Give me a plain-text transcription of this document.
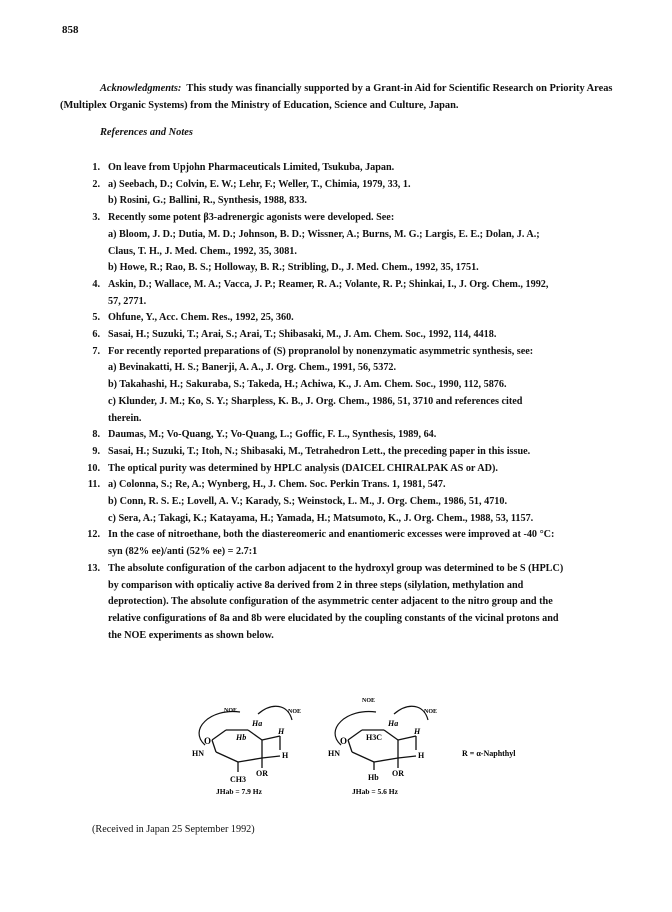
858
Acknowledgments: This study was financially supported by a Grant-in Aid for Scientific Research on Priority Areas (Multiplex Organic Systems) from the Ministry of Education, Science and Culture, Japan.
References and Notes
1. On leave from Upjohn Pharmaceuticals Limited, Tsukuba, Japan.
2. a) Seebach, D.; Colvin, E. W.; Lehr, F.; Weller, T., Chimia, 1979, 33, 1.
b) Rosini, G.; Ballini, R., Synthesis, 1988, 833.
3. Recently some potent β3-adrenergic agonists were developed. See:
a) Bloom, J. D.; Dutia, M. D.; Johnson, B. D.; Wissner, A.; Burns, M. G.; Largis, E. E.; Dolan, J. A.;
Claus, T. H., J. Med. Chem., 1992, 35, 3081.
b) Howe, R.; Rao, B. S.; Holloway, B. R.; Stribling, D., J. Med. Chem., 1992, 35, 1751.
4. Askin, D.; Wallace, M. A.; Vacca, J. P.; Reamer, R. A.; Volante, R. P.; Shinkai, I., J. Org. Chem., 1992,
57, 2771.
5. Ohfune, Y., Acc. Chem. Res., 1992, 25, 360.
6. Sasai, H.; Suzuki, T.; Arai, S.; Arai, T.; Shibasaki, M., J. Am. Chem. Soc., 1992, 114, 4418.
7. For recently reported preparations of (S) propranolol by nonenzymatic asymmetric synthesis, see:
a) Bevinakatti, H. S.; Banerji, A. A., J. Org. Chem., 1991, 56, 5372.
b) Takahashi, H.; Sakuraba, S.; Takeda, H.; Achiwa, K., J. Am. Chem. Soc., 1990, 112, 5876.
c) Klunder, J. M.; Ko, S. Y.; Sharpless, K. B., J. Org. Chem., 1986, 51, 3710 and references cited
therein.
8. Daumas, M.; Vo-Quang, Y.; Vo-Quang, L.; Goffic, F. L., Synthesis, 1989, 64.
9. Sasai, H.; Suzuki, T.; Itoh, N.; Shibasaki, M., Tetrahedron Lett., the preceding paper in this issue.
10. The optical purity was determined by HPLC analysis (DAICEL CHIRALPAK AS or AD).
11. a) Colonna, S.; Re, A.; Wynberg, H., J. Chem. Soc. Perkin Trans. 1, 1981, 547.
b) Conn, R. S. E.; Lovell, A. V.; Karady, S.; Weinstock, L. M., J. Org. Chem., 1986, 51, 4710.
c) Sera, A.; Takagi, K.; Katayama, H.; Yamada, H.; Matsumoto, K., J. Org. Chem., 1988, 53, 1157.
12. In the case of nitroethane, both the diastereomeric and enantiomeric excesses were improved at -40 °C:
syn (82% ee)/anti (52% ee) = 2.7:1
13. The absolute configuration of the carbon adjacent to the hydroxyl group was determined to be S (HPLC)
by comparison with opticaliy active 8a derived from 2 in three steps (silylation, methylation and
deprotection). The absolute configuration of the asymmetric center adjacent to the nitro group and the
relative configurations of 8a and 8b were elucidated by the coupling constants of the vicinal protons and
the NOE experiments as shown below.
O
NOE	NOE
Ha
Hb
H
H
HN
OR
CH3
JHab = 7.9 Hz
O
NOE
NOE
Ha
H3C
H
H
HN
OR
Hb
JHab = 5.6 Hz
R = α-Naphthyl
(Received in Japan 25 September 1992)
